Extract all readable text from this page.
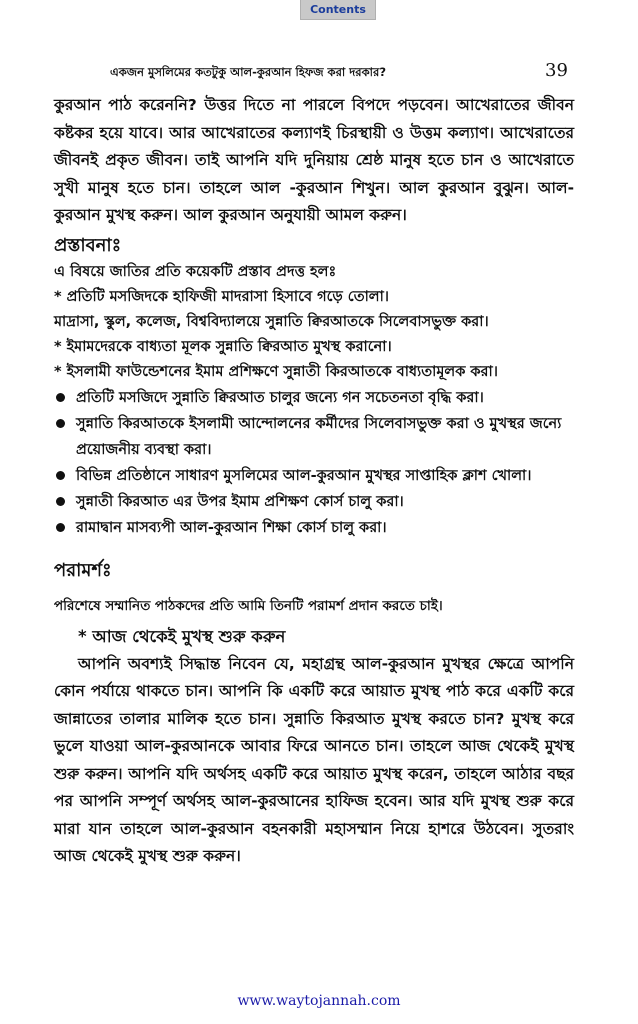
Contents
একজন মুসলিমের কতটুকু আল-কুরআন হিফজ করা দরকার?	39

কুরআন পাঠ করেননি? উত্তর দিতে না পারলে বিপদে পড়বেন। আখেরাতের জীবন কষ্টকর হয়ে যাবে। আর আখেরাতের কল্যাণই চিরস্থায়ী ও উত্তম কল্যাণ। আখেরাতের জীবনই প্রকৃত জীবন। তাই আপনি যদি দুনিয়ায় শ্রেষ্ঠ মানুষ হতে চান ও আখেরাতে সুখী মানুষ হতে চান। তাহলে আল -কুরআন শিখুন। আল কুরআন বুঝুন। আল-কুরআন মুখস্থ করুন। আল কুরআন অনুযায়ী আমল করুন।

প্রস্তাবনাঃ

এ বিষয়ে জাতির প্রতি কয়েকটি প্রস্তাব প্রদত্ত হলঃ

* প্রতিটি মসজিদকে হাফিজী মাদরাসা হিসাবে গড়ে তোলা।

মাদ্রাসা, স্কুল, কলেজ, বিশ্ববিদ্যালয়ে সুন্নাতি ক্বিরআতকে সিলেবাসভুক্ত করা।

* ইমামদেরকে বাধ্যতা মূলক সুন্নাতি ক্বিরআত মুখস্থ করানো।

* ইসলামী ফাউন্ডেশনের ইমাম প্রশিক্ষণে সুন্নাতী কিরআতকে বাধ্যতামূলক করা।

প্রতিটি মসজিদে সুন্নাতি ক্বিরআত চালুর জন্যে গন সচেতনতা বৃদ্ধি করা।
সুন্নাতি কিরআতকে ইসলামী আন্দোলনের কর্মীদের সিলেবাসভুক্ত করা ও মুখস্থর জন্যে প্রয়োজনীয় ব্যবস্থা করা।
বিভিন্ন প্রতিষ্ঠানে সাধারণ মুসলিমের আল-কুরআন মুখস্থর সাপ্তাহিক ক্লাশ খোলা।
সুন্নাতী কিরআত এর উপর ইমাম প্রশিক্ষণ কোর্স চালু করা।
রামাদ্বান মাসব্যপী আল-কুরআন শিক্ষা কোর্স চালু করা।
পরামর্শঃ

পরিশেষে সম্মানিত পাঠকদের প্রতি আমি তিনটি পরামর্শ প্রদান করতে চাই।

* আজ থেকেই মুখস্থ শুরু করুন

আপনি অবশ্যই সিদ্ধান্ত নিবেন যে, মহাগ্রন্থ আল-কুরআন মুখস্থর ক্ষেত্রে আপনি কোন পর্যায়ে থাকতে চান। আপনি কি একটি করে আয়াত মুখস্থ পাঠ করে একটি করে জান্নাতের তালার মালিক হতে চান। সুন্নাতি কিরআত মুখস্থ করতে চান? মুখস্থ করে ভুলে যাওয়া আল-কুরআনকে আবার ফিরে আনতে চান। তাহলে আজ থেকেই মুখস্থ শুরু করুন। আপনি যদি অর্থসহ একটি করে আয়াত মুখস্থ করেন, তাহলে আঠার বছর পর আপনি সম্পূর্ণ অর্থসহ আল-কুরআনের হাফিজ হবেন। আর যদি মুখস্থ শুরু করে মারা যান তাহলে আল-কুরআন বহনকারী মহাসম্মান নিয়ে হাশরে উঠবেন। সুতরাং আজ থেকেই মুখস্থ শুরু করুন।

www.waytojannah.com
